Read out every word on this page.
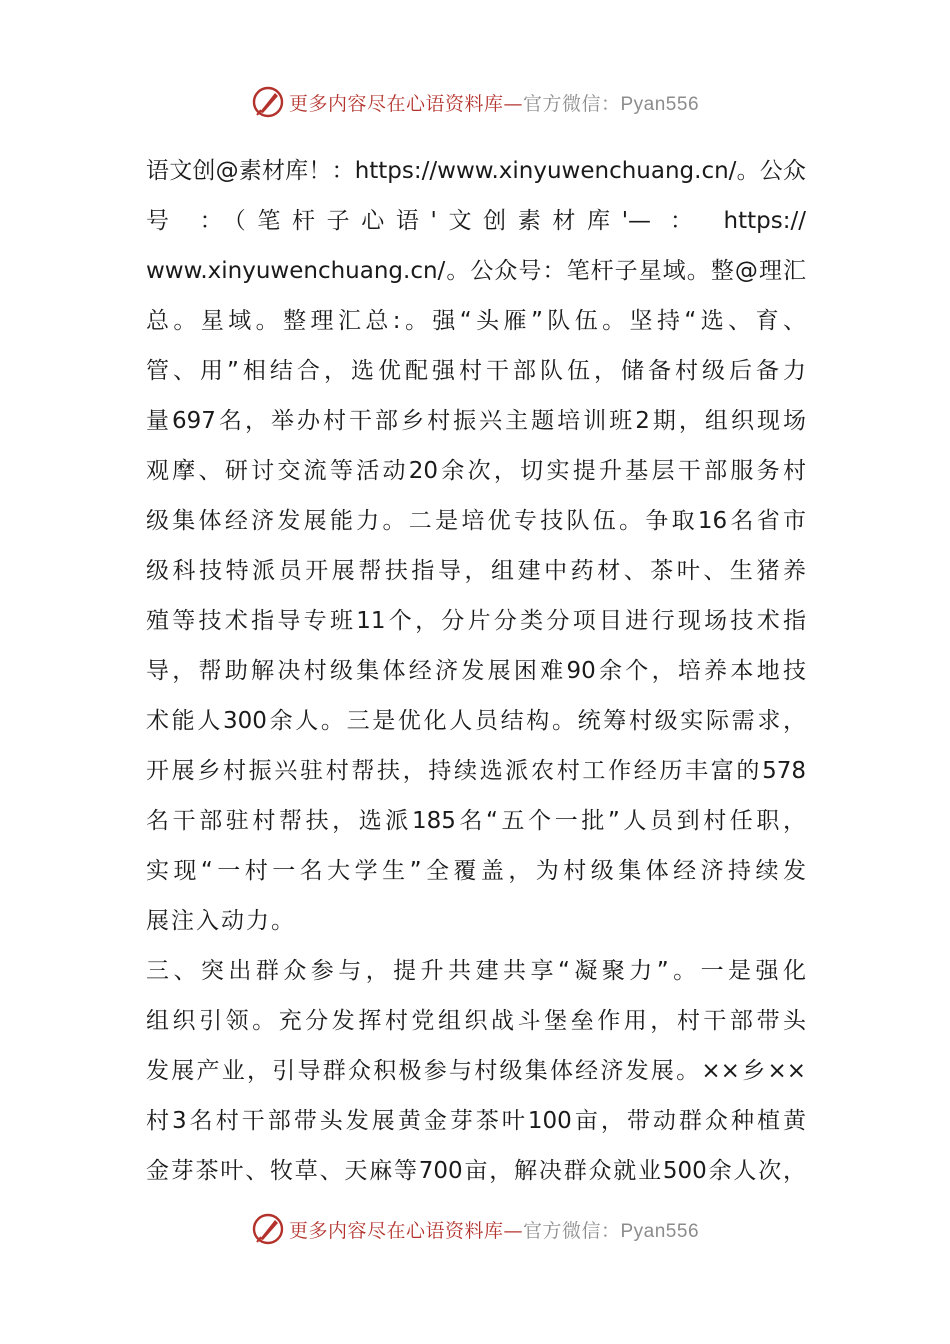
更多内容尽在心语资料库—官方微信：Pyan556
语文创@素材库！：https://www.xinyuwenchuang.cn/。公众
号 ：（笔杆子心语'文创素材库'— ： https://
www.xinyuwenchuang.cn/。公众号：笔杆子星域。整@理汇
总。星域。整理汇总:。强“头雁”队伍。坚持“选、育、
管、用”相结合，选优配强村干部队伍，储备村级后备力
量697名，举办村干部乡村振兴主题培训班2期，组织现场
观摩、研讨交流等活动20余次，切实提升基层干部服务村
级集体经济发展能力。二是培优专技队伍。争取16名省市
级科技特派员开展帮扶指导，组建中药材、茶叶、生猪养
殖等技术指导专班11个，分片分类分项目进行现场技术指
导，帮助解决村级集体经济发展困难90余个，培养本地技
术能人300余人。三是优化人员结构。统筹村级实际需求，
开展乡村振兴驻村帮扶，持续选派农村工作经历丰富的578
名干部驻村帮扶，选派185名“五个一批”人员到村任职，
实现“一村一名大学生”全覆盖，为村级集体经济持续发
展注入动力。
三、突出群众参与，提升共建共享“凝聚力”。一是强化
组织引领。充分发挥村党组织战斗堡垒作用，村干部带头
发展产业，引导群众积极参与村级集体经济发展。××乡××
村3名村干部带头发展黄金芽茶叶100亩，带动群众种植黄
金芽茶叶、牧草、天麻等700亩，解决群众就业500余人次，
更多内容尽在心语资料库—官方微信：Pyan556
